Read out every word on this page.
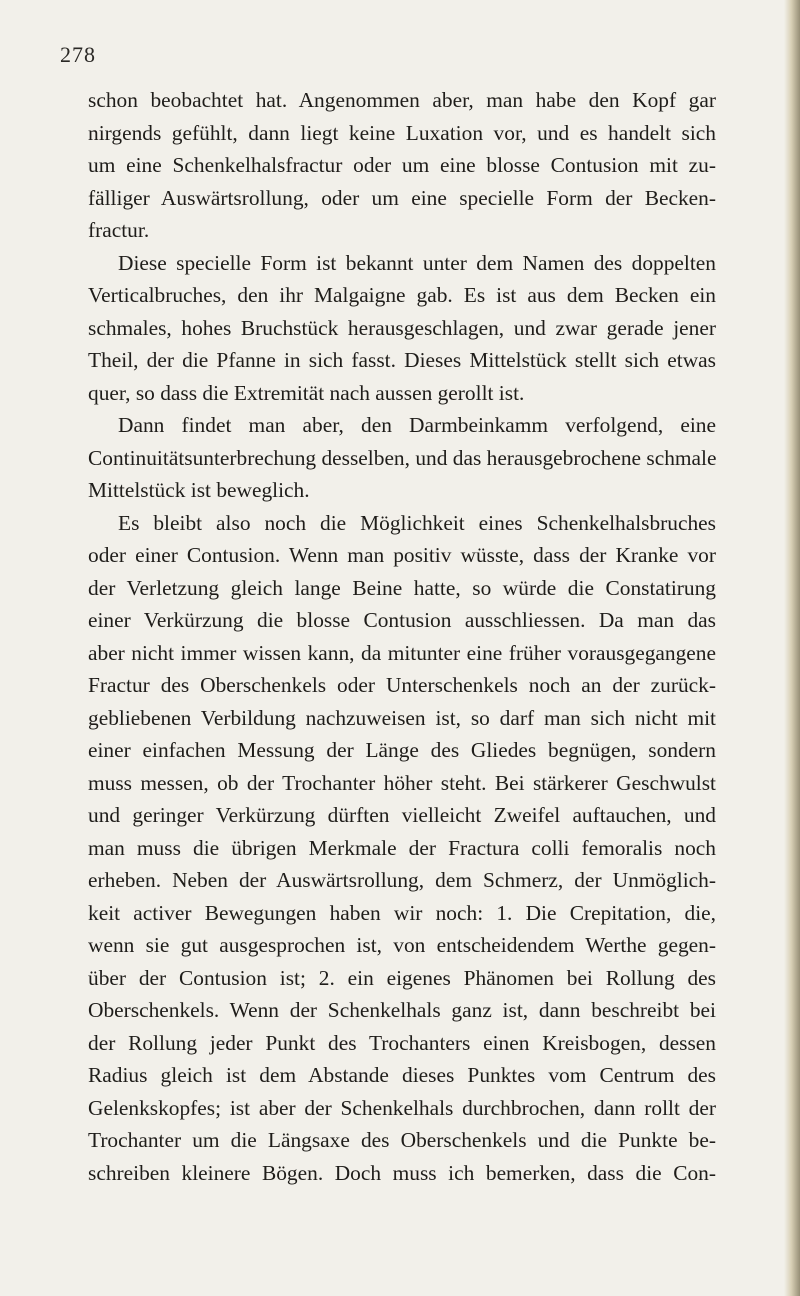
278
schon beobachtet hat. Angenommen aber, man habe den Kopf gar
nirgends gefühlt, dann liegt keine Luxation vor, und es handelt sich
um eine Schenkelhalsfractur oder um eine blosse Contusion mit zu-
fälliger Auswärtsrollung, oder um eine specielle Form der Becken-
fractur.
Diese specielle Form ist bekannt unter dem Namen des doppelten
Verticalbruches, den ihr Malgaigne gab. Es ist aus dem Becken ein
schmales, hohes Bruchstück herausgeschlagen, und zwar gerade jener
Theil, der die Pfanne in sich fasst. Dieses Mittelstück stellt sich etwas
quer, so dass die Extremität nach aussen gerollt ist.
Dann findet man aber, den Darmbeinkamm verfolgend, eine
Continuitätsunterbrechung desselben, und das herausgebrochene schmale
Mittelstück ist beweglich.
Es bleibt also noch die Möglichkeit eines Schenkelhalsbruches
oder einer Contusion. Wenn man positiv wüsste, dass der Kranke vor
der Verletzung gleich lange Beine hatte, so würde die Constatirung
einer Verkürzung die blosse Contusion ausschliessen. Da man das
aber nicht immer wissen kann, da mitunter eine früher vorausgegangene
Fractur des Oberschenkels oder Unterschenkels noch an der zurück-
gebliebenen Verbildung nachzuweisen ist, so darf man sich nicht mit
einer einfachen Messung der Länge des Gliedes begnügen, sondern
muss messen, ob der Trochanter höher steht. Bei stärkerer Geschwulst
und geringer Verkürzung dürften vielleicht Zweifel auftauchen, und
man muss die übrigen Merkmale der Fractura colli femoralis noch
erheben. Neben der Auswärtsrollung, dem Schmerz, der Unmöglich-
keit activer Bewegungen haben wir noch: 1. Die Crepitation, die,
wenn sie gut ausgesprochen ist, von entscheidendem Werthe gegen-
über der Contusion ist; 2. ein eigenes Phänomen bei Rollung des
Oberschenkels. Wenn der Schenkelhals ganz ist, dann beschreibt bei
der Rollung jeder Punkt des Trochanters einen Kreisbogen, dessen
Radius gleich ist dem Abstande dieses Punktes vom Centrum des
Gelenkskopfes; ist aber der Schenkelhals durchbrochen, dann rollt der
Trochanter um die Längsaxe des Oberschenkels und die Punkte be-
schreiben kleinere Bögen. Doch muss ich bemerken, dass die Con-
